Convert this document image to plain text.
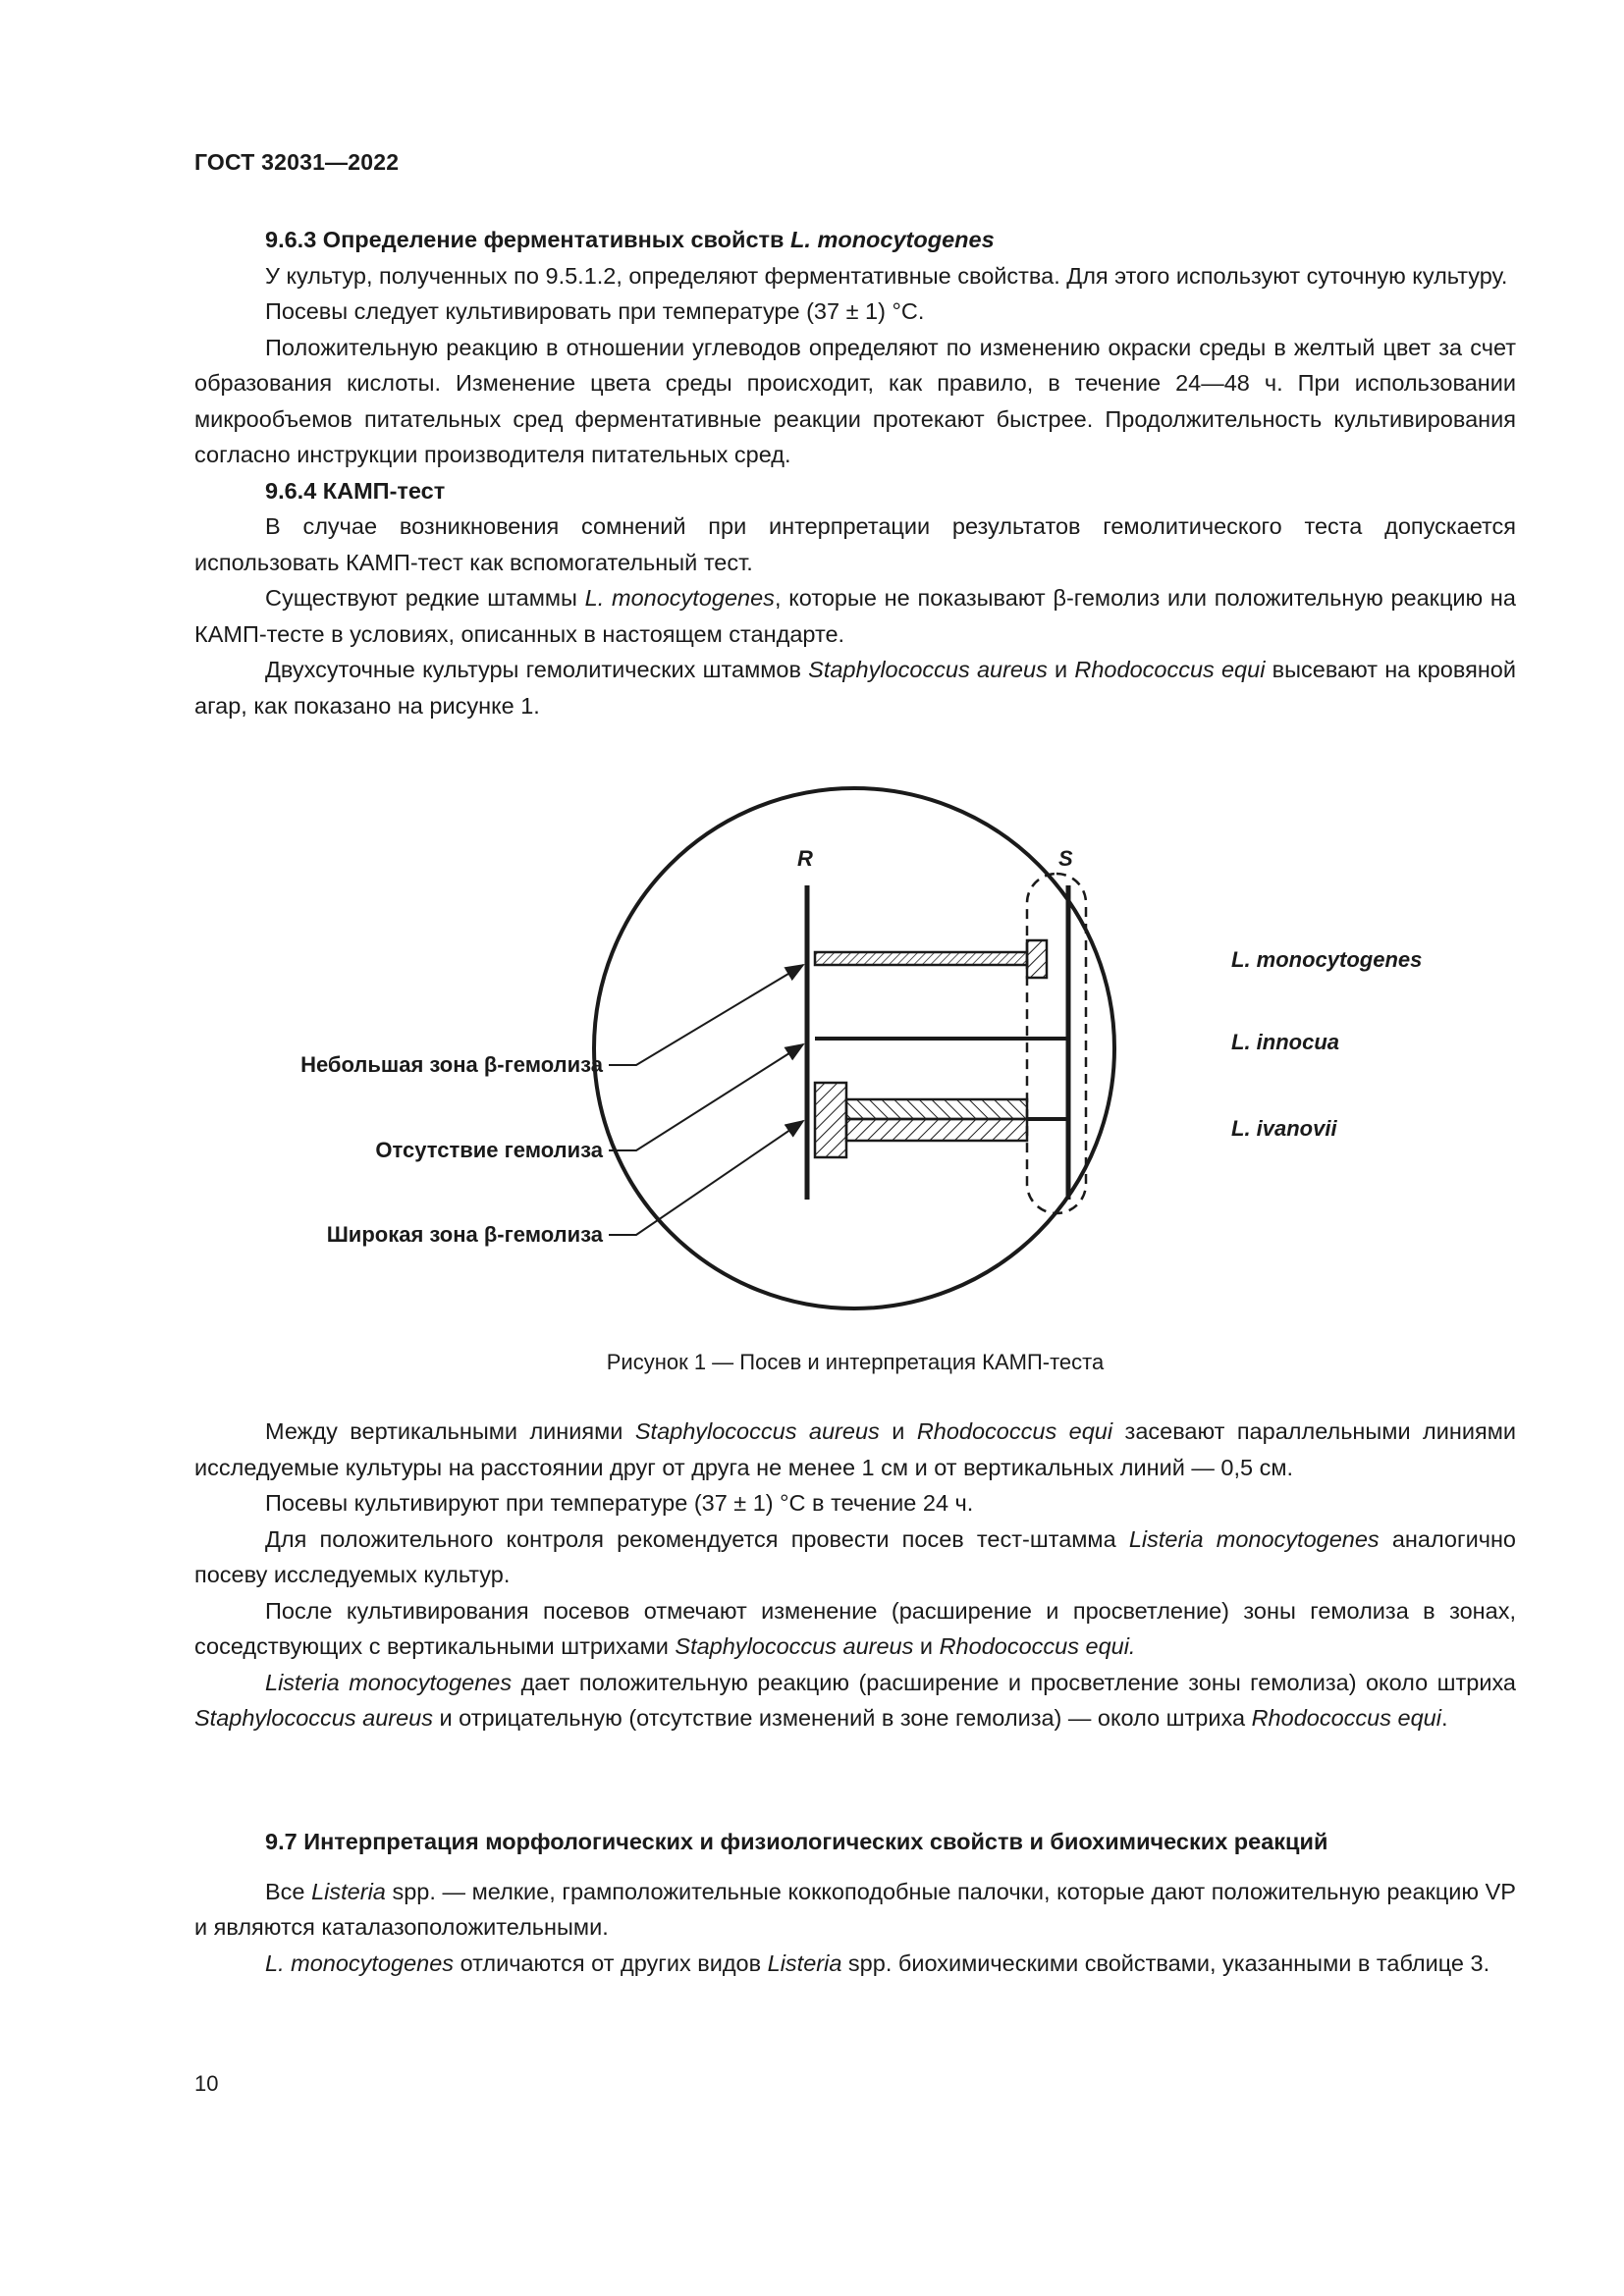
ГОСТ 32031—2022

9.6.3 Определение ферментативных свойств L. monocytogenes

У культур, полученных по 9.5.1.2, определяют ферментативные свойства. Для этого используют суточную культуру.

Посевы следует культивировать при температуре (37 ± 1) °C.

Положительную реакцию в отношении углеводов определяют по изменению окраски среды в желтый цвет за счет образования кислоты. Изменение цвета среды происходит, как правило, в течение 24—48 ч. При использовании микрообъемов питательных сред ферментативные реакции протекают быстрее. Продолжительность культивирования согласно инструкции производителя питательных сред.

9.6.4 КАМП-тест

В случае возникновения сомнений при интерпретации результатов гемолитического теста допускается использовать КАМП-тест как вспомогательный тест.

Существуют редкие штаммы L. monocytogenes, которые не показывают β-гемолиз или положительную реакцию на КАМП-тесте в условиях, описанных в настоящем стандарте.

Двухсуточные культуры гемолитических штаммов Staphylococcus aureus и Rhodococcus equi высевают на кровяной агар, как показано на рисунке 1.

R	S
Небольшая зона β-гемолиза
Отсутствие гемолиза
Широкая зона β-гемолиза
L. monocytogenes
L. innocua
L. ivanovii
Рисунок 1 — Посев и интерпретация КАМП-теста

Между вертикальными линиями Staphylococcus aureus и Rhodococcus equi засевают параллельными линиями исследуемые культуры на расстоянии друг от друга не менее 1 см и от вертикальных линий — 0,5 см.

Посевы культивируют при температуре (37 ± 1) °C в течение 24 ч.

Для положительного контроля рекомендуется провести посев тест-штамма Listeria monocytogenes аналогично посеву исследуемых культур.

После культивирования посевов отмечают изменение (расширение и просветление) зоны гемолиза в зонах, соседствующих с вертикальными штрихами Staphylococcus aureus и Rhodococcus equi.

Listeria monocytogenes дает положительную реакцию (расширение и просветление зоны гемолиза) около штриха Staphylococcus aureus и отрицательную (отсутствие изменений в зоне гемолиза) — около штриха Rhodococcus equi.

9.7 Интерпретация морфологических и физиологических свойств и биохимических реакций

Все Listeria spp. — мелкие, грамположительные коккоподобные палочки, которые дают положительную реакцию VP и являются каталазоположительными.

L. monocytogenes отличаются от других видов Listeria spp. биохимическими свойствами, указанными в таблице 3.

10
